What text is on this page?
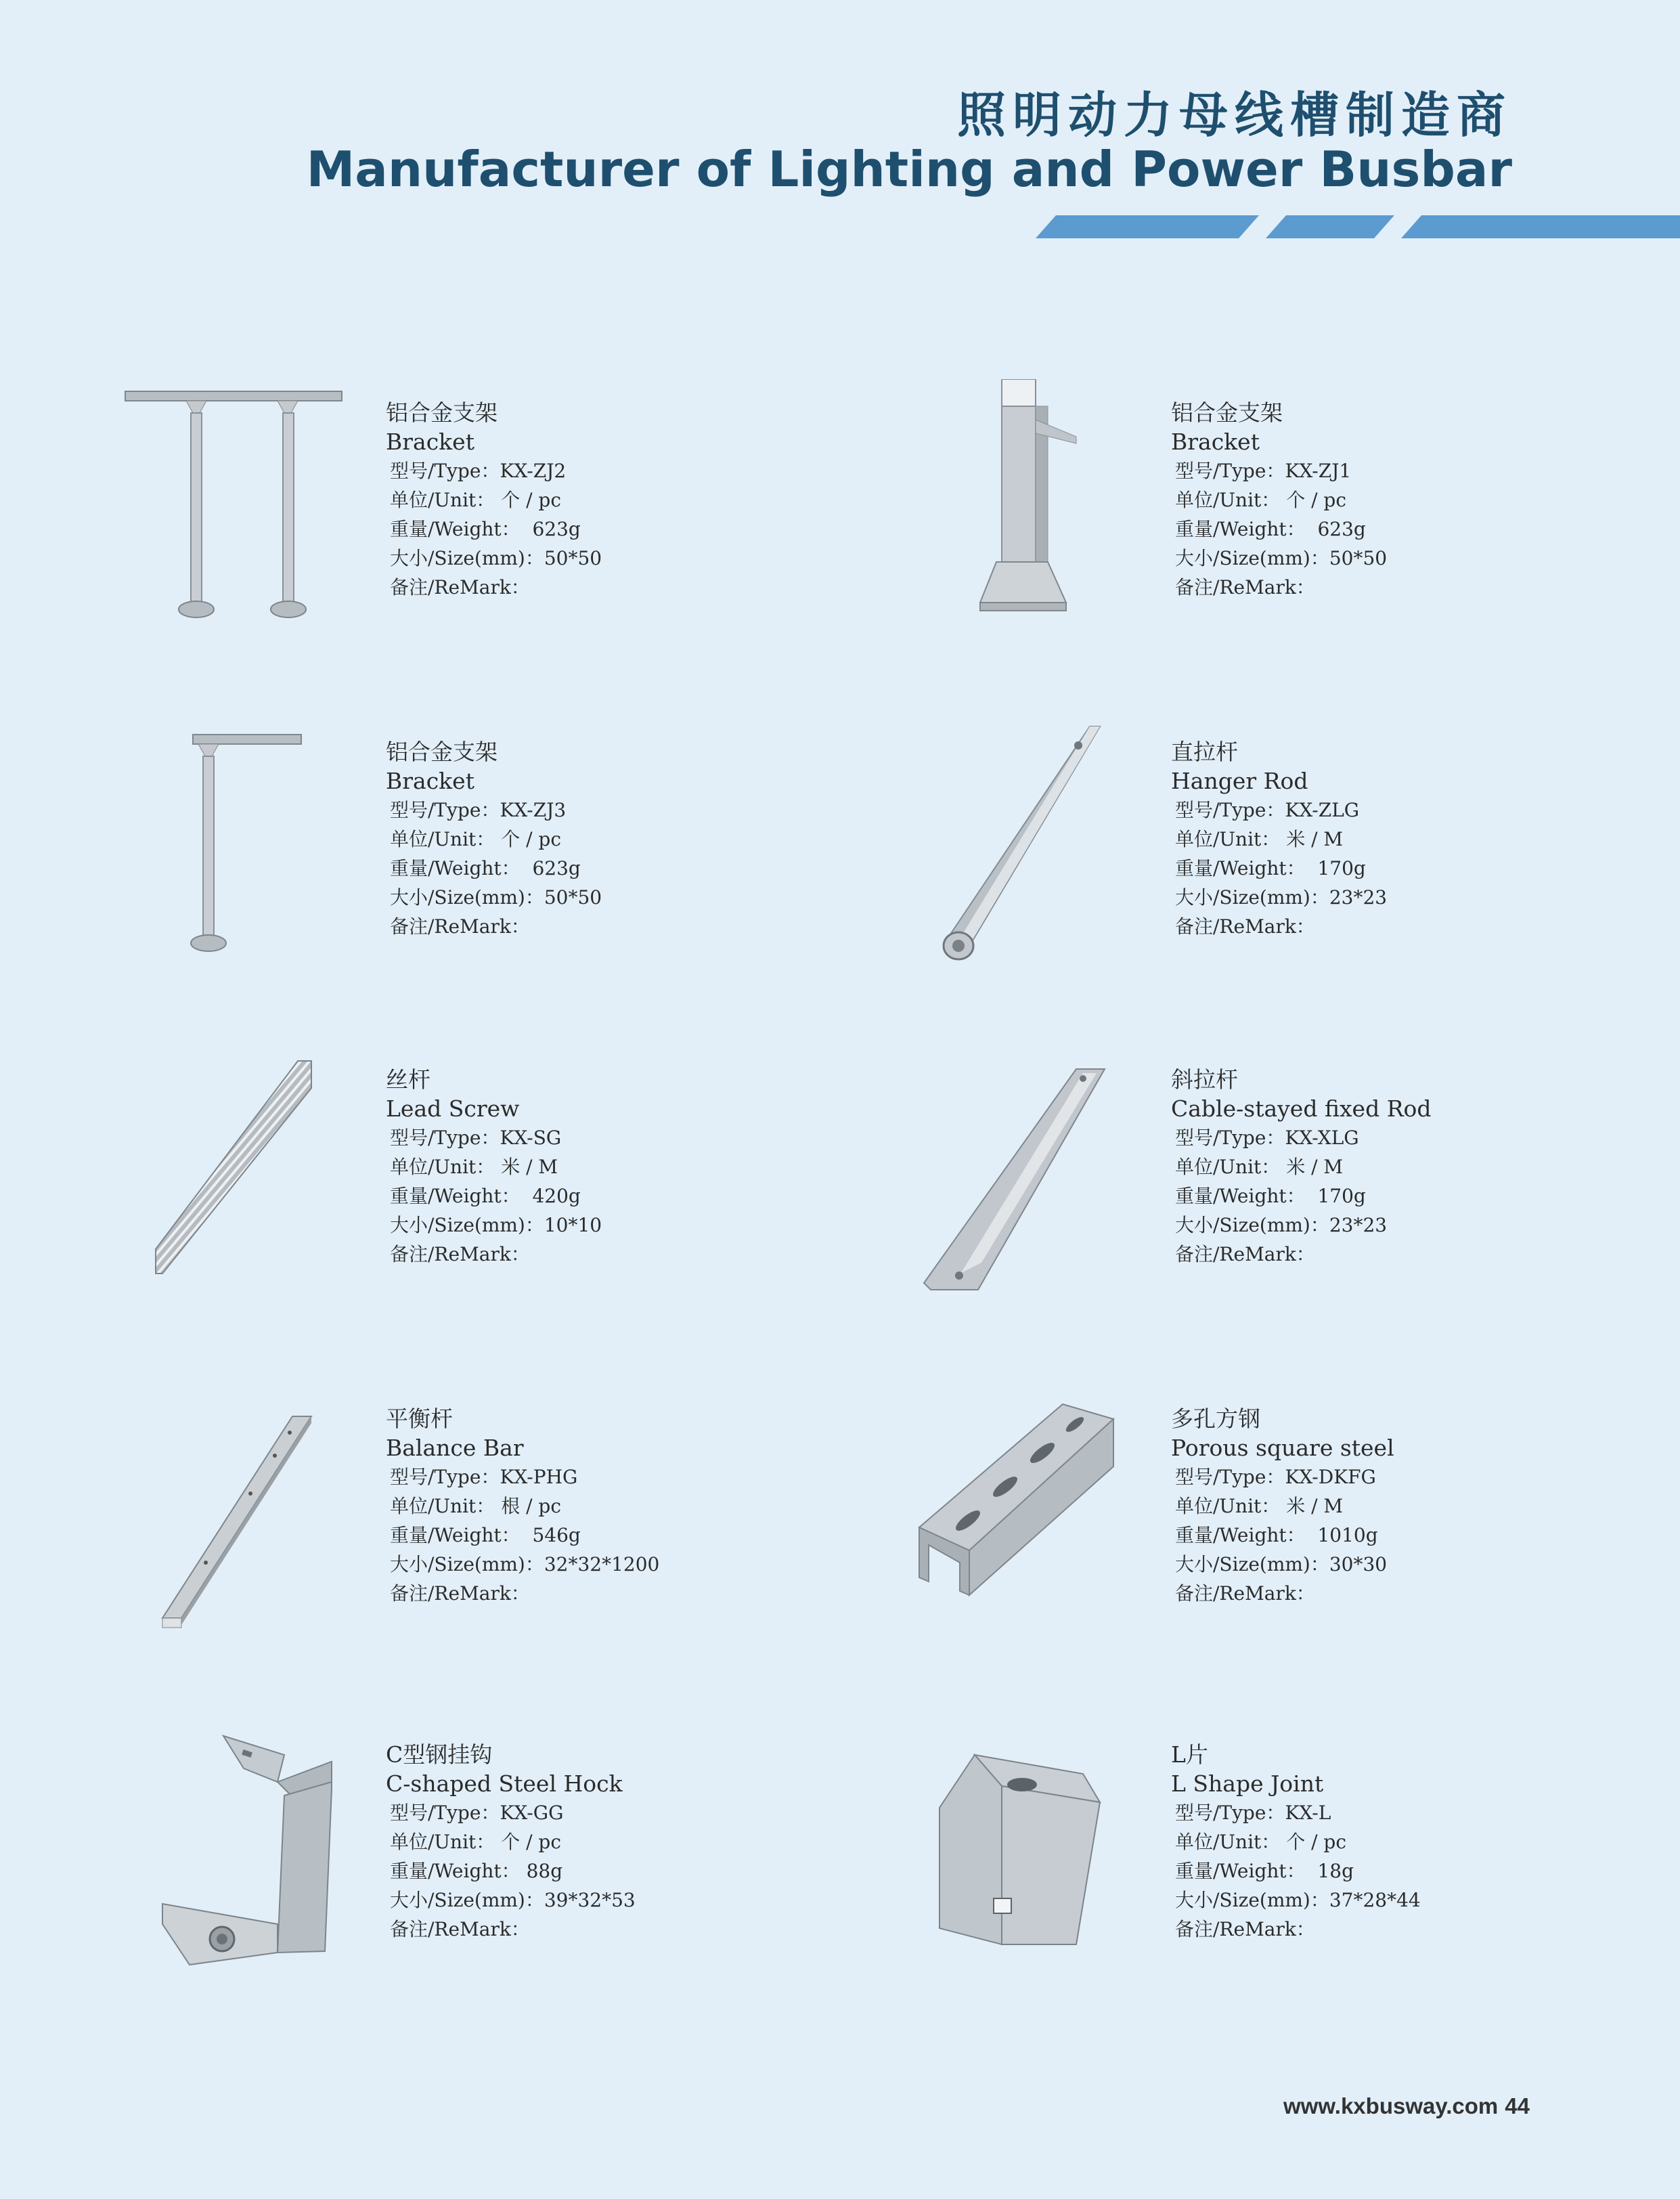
照明动力母线槽制造商
Manufacturer of Lighting and Power Busbar
铝合金支架
Bracket
型号/Type：KX-ZJ2
单位/Unit： 个 / pc
重量/Weight： 623g
大小/Size(mm)：50*50
备注/ReMark：
铝合金支架
Bracket
型号/Type：KX-ZJ1
单位/Unit： 个 / pc
重量/Weight： 623g
大小/Size(mm)：50*50
备注/ReMark：
铝合金支架
Bracket
型号/Type：KX-ZJ3
单位/Unit： 个 / pc
重量/Weight： 623g
大小/Size(mm)：50*50
备注/ReMark：
直拉杆
Hanger Rod
型号/Type：KX-ZLG
单位/Unit： 米 / M
重量/Weight： 170g
大小/Size(mm)：23*23
备注/ReMark：
丝杆
Lead Screw
型号/Type：KX-SG
单位/Unit： 米 / M
重量/Weight： 420g
大小/Size(mm)：10*10
备注/ReMark：
斜拉杆
Cable-stayed fixed Rod
型号/Type：KX-XLG
单位/Unit： 米 / M
重量/Weight： 170g
大小/Size(mm)：23*23
备注/ReMark：
平衡杆
Balance Bar
型号/Type：KX-PHG
单位/Unit： 根 / pc
重量/Weight： 546g
大小/Size(mm)：32*32*1200
备注/ReMark：
多孔方钢
Porous square steel
型号/Type：KX-DKFG
单位/Unit： 米 / M
重量/Weight： 1010g
大小/Size(mm)：30*30
备注/ReMark：
C型钢挂钩
C-shaped Steel Hock
型号/Type：KX-GG
单位/Unit： 个 / pc
重量/Weight： 88g
大小/Size(mm)：39*32*53
备注/ReMark：
L片
L Shape Joint
型号/Type：KX-L
单位/Unit： 个 / pc
重量/Weight： 18g
大小/Size(mm)：37*28*44
备注/ReMark：
www.kxbusway.com 44
